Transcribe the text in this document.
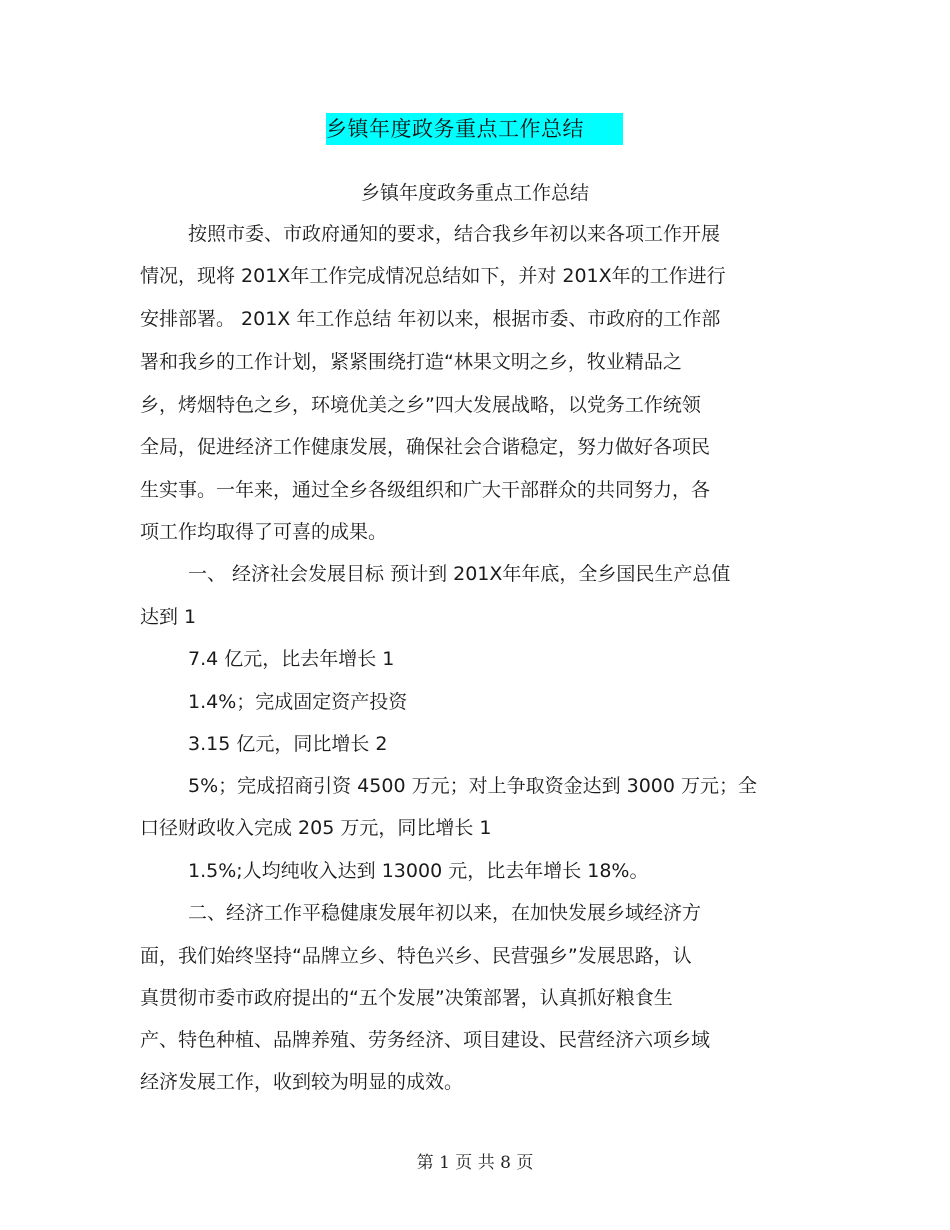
乡镇年度政务重点工作总结
乡镇年度政务重点工作总结
按照市委、市政府通知的要求，结合我乡年初以来各项工作开展
情况，现将 201X年工作完成情况总结如下，并对 201X年的工作进行
安排部署。 201X 年工作总结 年初以来，根据市委、市政府的工作部
署和我乡的工作计划，紧紧围绕打造“林果文明之乡，牧业精品之
乡，烤烟特色之乡，环境优美之乡”四大发展战略，以党务工作统领
全局，促进经济工作健康发展，确保社会合谐稳定，努力做好各项民
生实事。一年来，通过全乡各级组织和广大干部群众的共同努力，各
项工作均取得了可喜的成果。
一、 经济社会发展目标 预计到 201X年年底，全乡国民生产总值
达到 1
7.4 亿元，比去年增长 1
1.4%；完成固定资产投资
3.15 亿元，同比增长 2
5%；完成招商引资 4500 万元；对上争取资金达到 3000 万元；全
口径财政收入完成 205 万元，同比增长 1
1.5%;人均纯收入达到 13000 元，比去年增长 18%。
二、经济工作平稳健康发展年初以来，在加快发展乡域经济方
面，我们始终坚持“品牌立乡、特色兴乡、民营强乡”发展思路，认
真贯彻市委市政府提出的“五个发展”决策部署，认真抓好粮食生
产、特色种植、品牌养殖、劳务经济、项目建设、民营经济六项乡域
经济发展工作，收到较为明显的成效。
第 1 页 共 8 页
